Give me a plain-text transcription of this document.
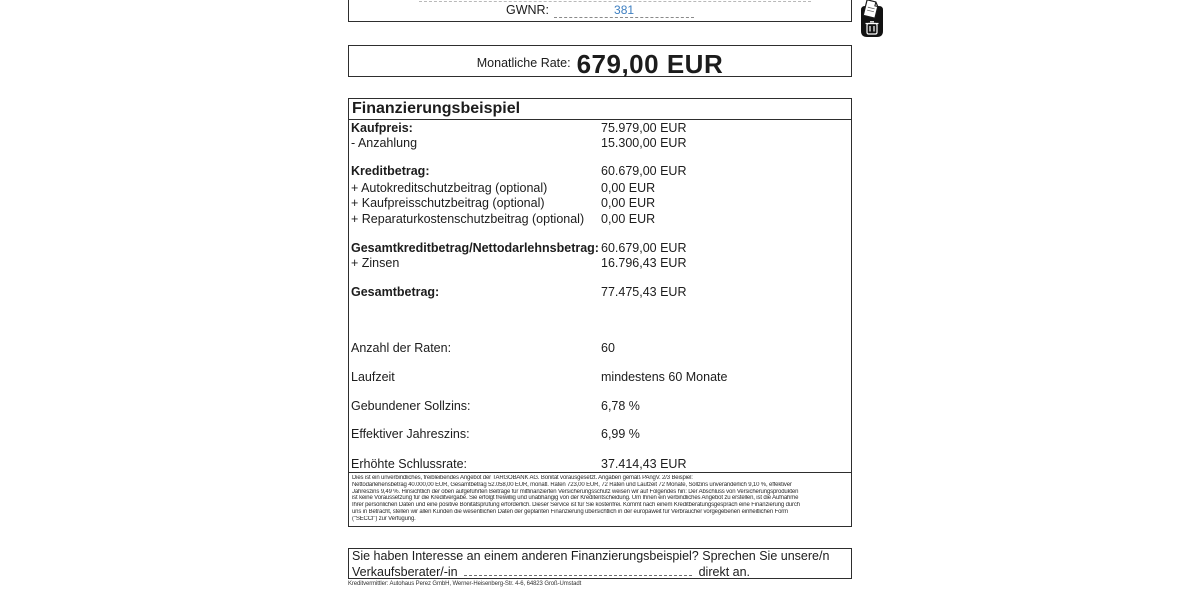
GWNR:	381
Monatliche Rate: 679,00 EUR
Finanzierungsbeispiel
Kaufpreis:	75.979,00 EUR
- Anzahlung	15.300,00 EUR
Kreditbetrag:	60.679,00 EUR
+ Autokreditschutzbeitrag (optional)	0,00 EUR
+ Kaufpreisschutzbeitrag (optional)	0,00 EUR
+ Reparaturkostenschutzbeitrag (optional)	0,00 EUR
Gesamtkreditbetrag/Nettodarlehnsbetrag: 60.679,00 EUR
+ Zinsen	16.796,43 EUR
Gesamtbetrag:	77.475,43 EUR
Anzahl der Raten:	60
Laufzeit	mindestens 60 Monate
Gebundener Sollzins:	6,78 %
Effektiver Jahreszins:	6,99 %
Erhöhte Schlussrate:	37.414,43 EUR
Dies ist ein unverbindliches, freibleibendes Angebot der TARGOBANK AG. Bonität vorausgesetzt. Angaben gemäß PAngV. 2/3 Beispiel:
Nettodarlehensbetrag 40.000,00 EUR, Gesamtbetrag 52.058,00 EUR, monatl. Raten 723,00 EUR, 72 Raten und Laufzeit 72 Monate, Sollzins unveränderlich 9,10 %, effektiver
Jahreszins 9,49 %. Hinsichtlich der oben aufgeführten Beiträge für mitfinanzierten Versicherungsschutz weisen wir auf Folgendes hin: Der Abschluss von Versicherungsprodukten
ist keine Voraussetzung für die Kreditvergabe. Sie erfolgt freiwillig und unabhängig von der Kreditentscheidung. Um Ihnen ein verbindliches Angebot zu erstellen, ist die Aufnahme
Ihrer persönlichen Daten und eine positive Bonitätsprüfung erforderlich. Dieser Service ist für Sie kostenfrei. Kommt nach einem Kreditberatungsgespräch eine Finanzierung durch
uns in Betracht, stellen wir allen Kunden die wesentlichen Daten der geplanten Finanzierung übersichtlich in der europaweit für Verbraucher vorgegebenen einheitlichen Form
("SECCI") zur Verfügung.
Sie haben Interesse an einem anderen Finanzierungsbeispiel? Sprechen Sie unsere/n
Verkaufsberater/-in	direkt an.
Kreditvermittler: Autohaus Perez GmbH, Werner-Heisenberg-Str. 4-6, 64823 Groß-Umstadt
